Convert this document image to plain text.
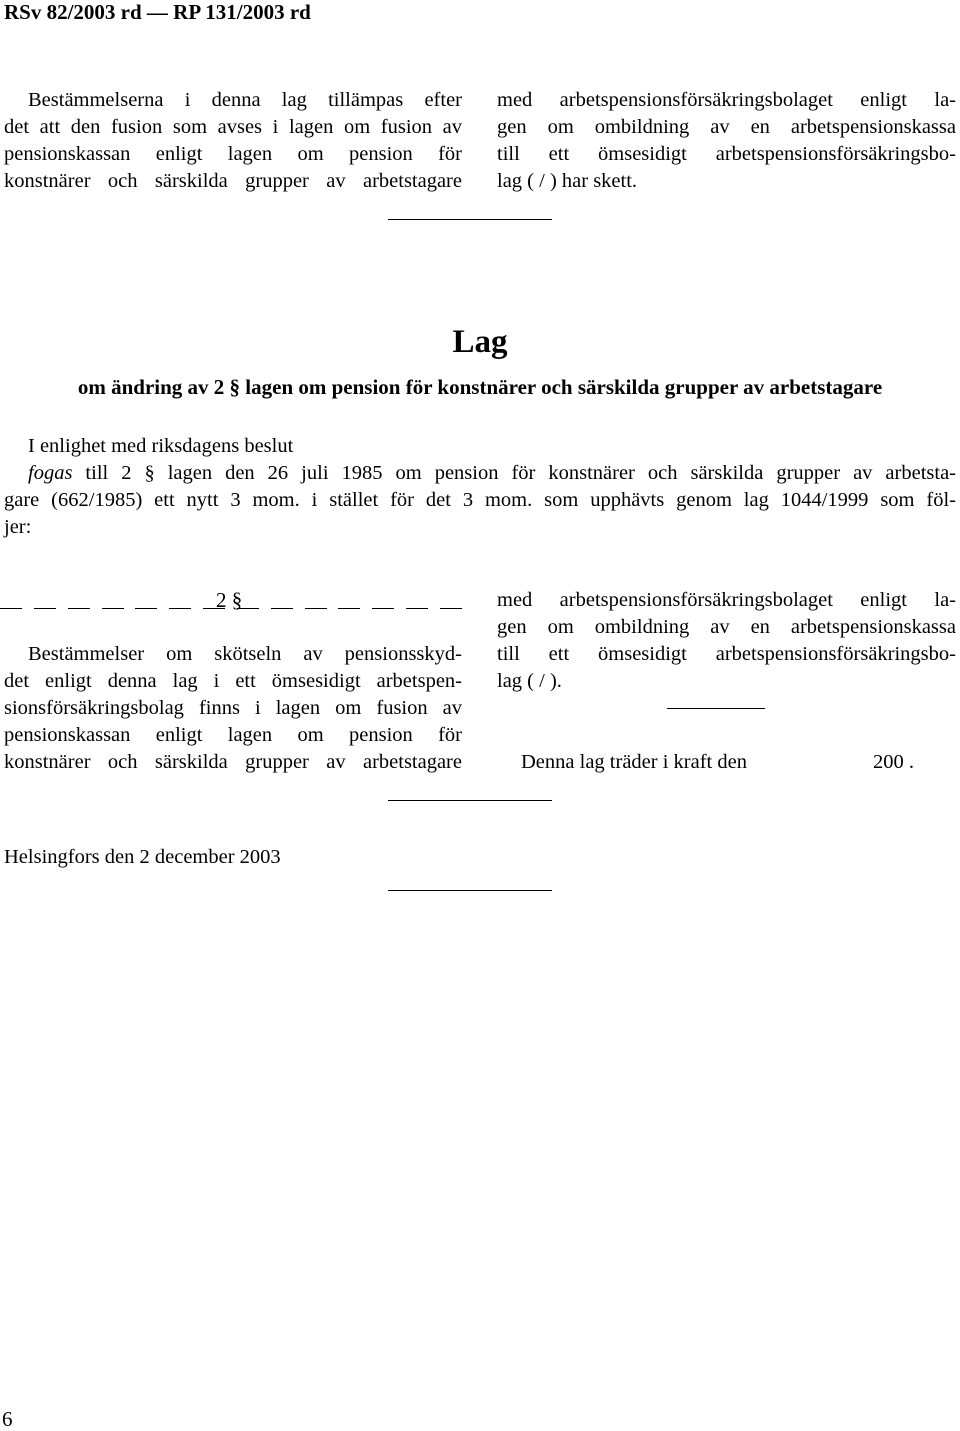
RSv 82/2003 rd — RP 131/2003 rd
Bestämmelserna i denna lag tillämpas efter
det att den fusion som avses i lagen om fusion av
pensionskassan enligt lagen om pension för
konstnärer och särskilda grupper av arbetstagare
med arbetspensionsförsäkringsbolaget enligt la-
gen om ombildning av en arbetspensionskassa
till ett ömsesidigt arbetspensionsförsäkringsbo-
lag ( / ) har skett.
Lag
om ändring av 2 § lagen om pension för konstnärer och särskilda grupper av arbetstagare
I enlighet med riksdagens beslut
fogas till 2 § lagen den 26 juli 1985 om pension för konstnärer och särskilda grupper av arbetsta-
gare (662/1985) ett nytt 3 mom. i stället för det 3 mom. som upphävts genom lag 1044/1999 som föl-
jer:
2 §
Bestämmelser om skötseln av pensionsskyd-
det enligt denna lag i ett ömsesidigt arbetspen-
sionsförsäkringsbolag finns i lagen om fusion av
pensionskassan enligt lagen om pension för
konstnärer och särskilda grupper av arbetstagare
med arbetspensionsförsäkringsbolaget enligt la-
gen om ombildning av en arbetspensionskassa
till ett ömsesidigt arbetspensionsförsäkringsbo-
lag ( / ).
Denna lag träder i kraft den	200 .
Helsingfors den 2 december 2003
6
